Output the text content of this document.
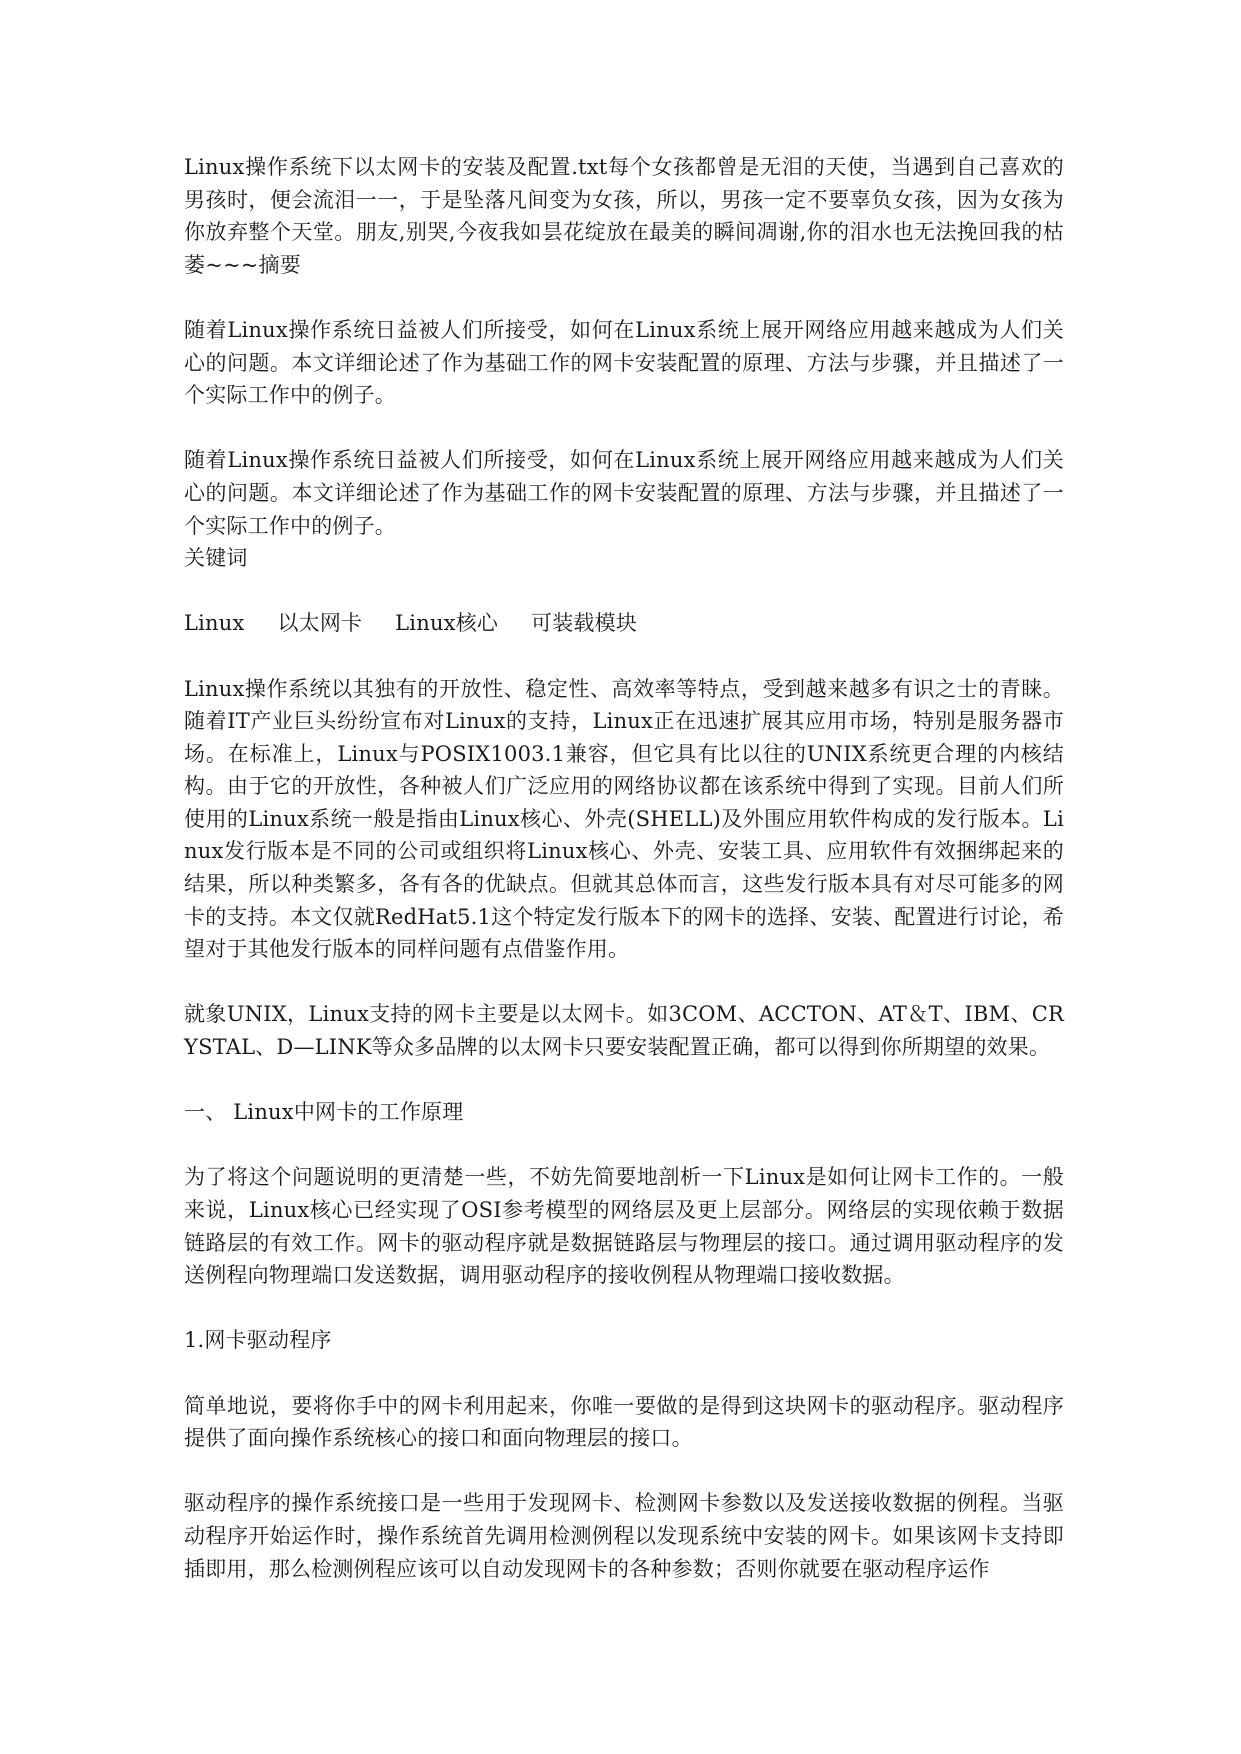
Linux操作系统下以太网卡的安装及配置.txt每个女孩都曾是无泪的天使，当遇到自己喜欢的男孩时，便会流泪一一，于是坠落凡间变为女孩，所以，男孩一定不要辜负女孩，因为女孩为你放弃整个天堂。朋友,别哭,今夜我如昙花绽放在最美的瞬间凋谢,你的泪水也无法挽回我的枯萎~~~摘要

随着Linux操作系统日益被人们所接受，如何在Linux系统上展开网络应用越来越成为人们关心的问题。本文详细论述了作为基础工作的网卡安装配置的原理、方法与步骤，并且描述了一个实际工作中的例子。

随着Linux操作系统日益被人们所接受，如何在Linux系统上展开网络应用越来越成为人们关心的问题。本文详细论述了作为基础工作的网卡安装配置的原理、方法与步骤，并且描述了一个实际工作中的例子。

关键词

Linux 以太网卡 Linux核心 可装载模块

Linux操作系统以其独有的开放性、稳定性、高效率等特点，受到越来越多有识之士的青睐。随着IT产业巨头纷纷宣布对Linux的支持，Linux正在迅速扩展其应用市场，特别是服务器市场。在标准上，Linux与POSIX1003.1兼容，但它具有比以往的UNIX系统更合理的内核结构。由于它的开放性，各种被人们广泛应用的网络协议都在该系统中得到了实现。目前人们所使用的Linux系统一般是指由Linux核心、外壳(SHELL)及外围应用软件构成的发行版本。Linux发行版本是不同的公司或组织将Linux核心、外壳、安装工具、应用软件有效捆绑起来的结果，所以种类繁多，各有各的优缺点。但就其总体而言，这些发行版本具有对尽可能多的网卡的支持。本文仅就RedHat5.1这个特定发行版本下的网卡的选择、安装、配置进行讨论，希望对于其他发行版本的同样问题有点借鉴作用。

就象UNIX，Linux支持的网卡主要是以太网卡。如3COM、ACCTON、AT＆T、IBM、CRYSTAL、D—LINK等众多品牌的以太网卡只要安装配置正确，都可以得到你所期望的效果。

一、 Linux中网卡的工作原理

为了将这个问题说明的更清楚一些，不妨先简要地剖析一下Linux是如何让网卡工作的。一般来说，Linux核心已经实现了OSI参考模型的网络层及更上层部分。网络层的实现依赖于数据链路层的有效工作。网卡的驱动程序就是数据链路层与物理层的接口。通过调用驱动程序的发送例程向物理端口发送数据，调用驱动程序的接收例程从物理端口接收数据。

1.网卡驱动程序

简单地说，要将你手中的网卡利用起来，你唯一要做的是得到这块网卡的驱动程序。驱动程序提供了面向操作系统核心的接口和面向物理层的接口。

驱动程序的操作系统接口是一些用于发现网卡、检测网卡参数以及发送接收数据的例程。当驱动程序开始运作时，操作系统首先调用检测例程以发现系统中安装的网卡。如果该网卡支持即插即用，那么检测例程应该可以自动发现网卡的各种参数；否则你就要在驱动程序运作
